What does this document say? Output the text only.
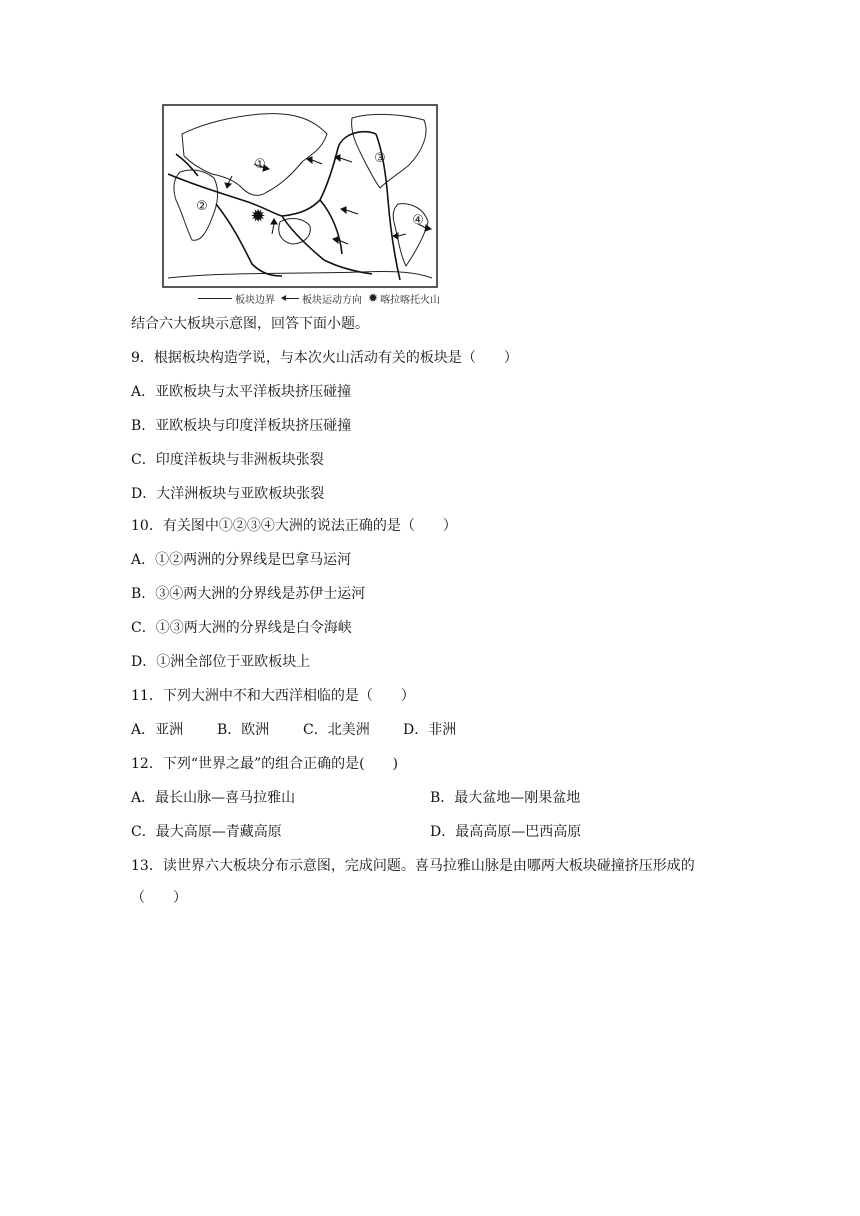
✹
①
②
③
④
板块边界	板块运动方向 ✹ 喀拉喀托火山
结合六大板块示意图，回答下面小题。
9．根据板块构造学说，与本次火山活动有关的板块是（　　）
A．亚欧板块与太平洋板块挤压碰撞
B．亚欧板块与印度洋板块挤压碰撞
C．印度洋板块与非洲板块张裂
D．大洋洲板块与亚欧板块张裂
10．有关图中①②③④大洲的说法正确的是（　　）
A．①②两洲的分界线是巴拿马运河
B．③④两大洲的分界线是苏伊士运河
C．①③两大洲的分界线是白令海峡
D．①洲全部位于亚欧板块上
11．下列大洲中不和大西洋相临的是（　　）
A．亚洲 B．欧洲 C．北美洲 D．非洲
12．下列“世界之最”的组合正确的是(　　)
A．最长山脉—喜马拉雅山	B．最大盆地—刚果盆地
C．最大高原—青藏高原	D．最高高原—巴西高原
13．读世界六大板块分布示意图，完成问题。喜马拉雅山脉是由哪两大板块碰撞挤压形成的
（　　）
